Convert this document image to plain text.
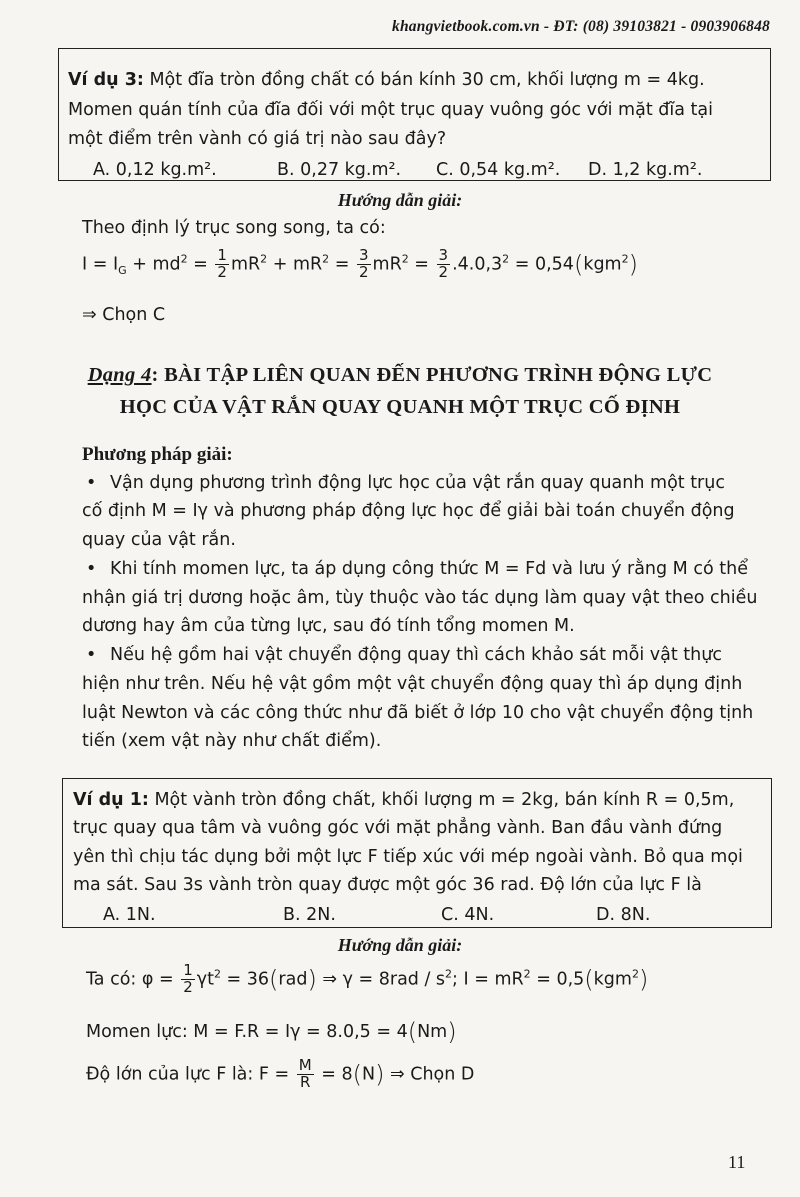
khangvietbook.com.vn - ĐT: (08) 39103821 - 0903906848
Ví dụ 3: Một đĩa tròn đồng chất có bán kính 30 cm, khối lượng m = 4kg.
Momen quán tính của đĩa đối với một trục quay vuông góc với mặt đĩa tại
một điểm trên vành có giá trị nào sau đây?
A. 0,12 kg.m².	B. 0,27 kg.m². C. 0,54 kg.m². D. 1,2 kg.m².
Hướng dẫn giải:
Theo định lý trục song song, ta có:
$I = I_G + md^2 = \frac{1}{2} mR^2 + mR^2 = \frac{3}{2} mR^2 = \frac{3}{2} .4.0,3^2 = 0,54(kgm^2)$
⇒ Chọn C
Dạng 4: BÀI TẬP LIÊN QUAN ĐẾN PHƯƠNG TRÌNH ĐỘNG LỰC
HỌC CỦA VẬT RẮN QUAY QUANH MỘT TRỤC CỐ ĐỊNH
Phương pháp giải:
• Vận dụng phương trình động lực học của vật rắn quay quanh một trục
cố định M = Iγ và phương pháp động lực học để giải bài toán chuyển động
quay của vật rắn.
• Khi tính momen lực, ta áp dụng công thức M = Fd và lưu ý rằng M có thể
nhận giá trị dương hoặc âm, tùy thuộc vào tác dụng làm quay vật theo chiều
dương hay âm của từng lực, sau đó tính tổng momen M.
• Nếu hệ gồm hai vật chuyển động quay thì cách khảo sát mỗi vật thực
hiện như trên. Nếu hệ vật gồm một vật chuyển động quay thì áp dụng định
luật Newton và các công thức như đã biết ở lớp 10 cho vật chuyển động tịnh
tiến (xem vật này như chất điểm).
Ví dụ 1: Một vành tròn đồng chất, khối lượng m = 2kg, bán kính R = 0,5m,
trục quay qua tâm và vuông góc với mặt phẳng vành. Ban đầu vành đứng
yên thì chịu tác dụng bởi một lực F tiếp xúc với mép ngoài vành. Bỏ qua mọi
ma sát. Sau 3s vành tròn quay được một góc 36 rad. Độ lớn của lực F là
A. 1N.	B. 2N.	C. 4N.	D. 8N.
Hướng dẫn giải:
Ta có: $\varphi = \frac{1}{2} \gamma t^2 = 36(rad)$ ⇒ $\gamma = 8rad / s^2$; $I = mR^2 = 0,5(kgm^2)$
Momen lực: M = F.R = Iγ = 8.0,5 = 4(Nm)
Độ lớn của lực F là: $F = \frac{M}{R} = 8(N)$ ⇒ Chọn D
11
